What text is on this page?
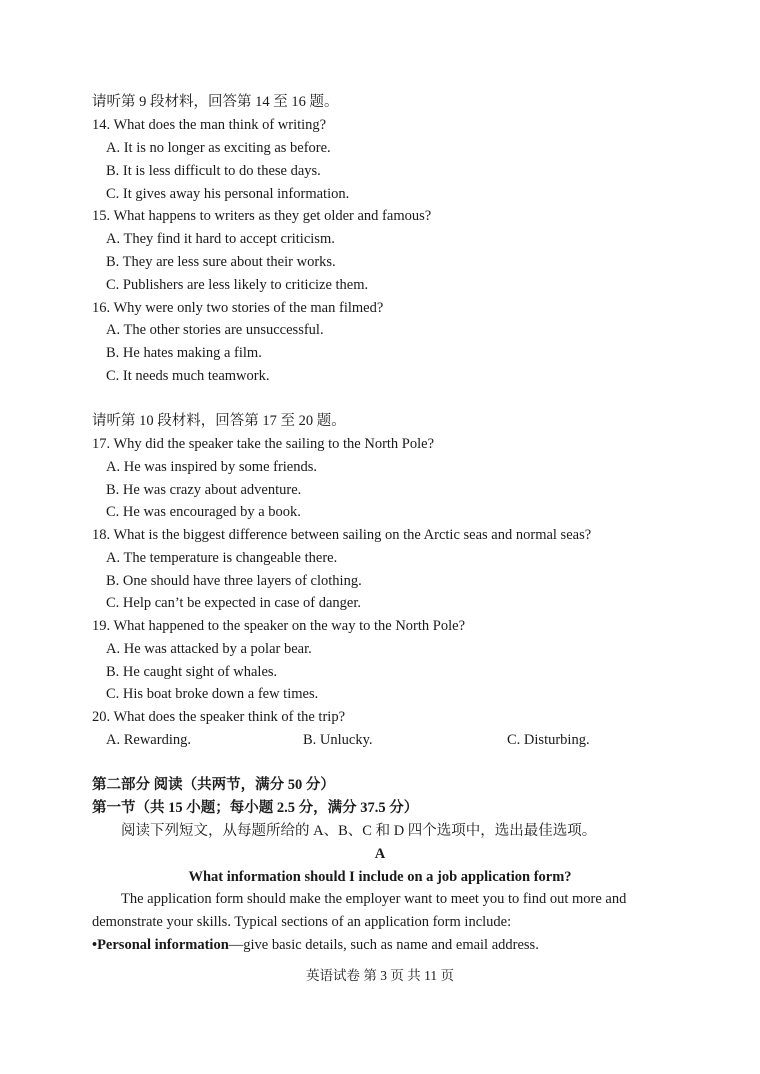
请听第 9 段材料，回答第 14 至 16 题。
14. What does the man think of writing?
A. It is no longer as exciting as before.
B. It is less difficult to do these days.
C. It gives away his personal information.
15. What happens to writers as they get older and famous?
A. They find it hard to accept criticism.
B. They are less sure about their works.
C. Publishers are less likely to criticize them.
16. Why were only two stories of the man filmed?
A. The other stories are unsuccessful.
B. He hates making a film.
C. It needs much teamwork.
请听第 10 段材料，回答第 17 至 20 题。
17. Why did the speaker take the sailing to the North Pole?
A. He was inspired by some friends.
B. He was crazy about adventure.
C. He was encouraged by a book.
18. What is the biggest difference between sailing on the Arctic seas and normal seas?
A. The temperature is changeable there.
B. One should have three layers of clothing.
C. Help can’t be expected in case of danger.
19. What happened to the speaker on the way to the North Pole?
A. He was attacked by a polar bear.
B. He caught sight of whales.
C. His boat broke down a few times.
20. What does the speaker think of the trip?
A. Rewarding.	B. Unlucky.	C. Disturbing.
第二部分 阅读（共两节，满分 50 分）
第一节（共 15 小题；每小题 2.5 分，满分 37.5 分）
阅读下列短文，从每题所给的 A、B、C 和 D 四个选项中，选出最佳选项。
A
What information should I include on a job application form?
The application form should make the employer want to meet you to find out more and
demonstrate your skills. Typical sections of an application form include:
•Personal information—give basic details, such as name and email address.
英语试卷 第 3 页 共 11 页
